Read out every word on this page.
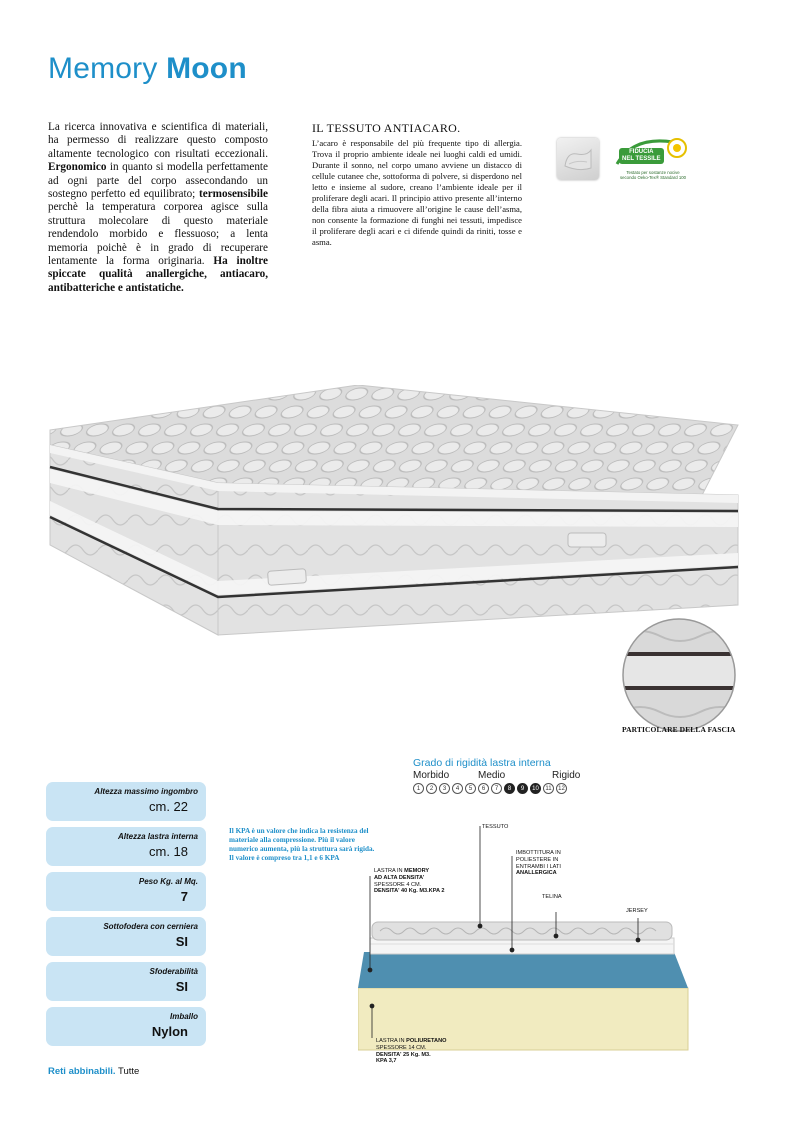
Memory Moon
La ricerca innovativa e scientifica di materiali, ha permesso di realizzare questo composto altamente tecnologico con risultati eccezionali. Ergonomico in quanto si modella perfettamente ad ogni parte del corpo assecondando un sostegno perfetto ed equilibrato; termosensibile perchè la temperatura corporea agisce sulla struttura molecolare di questo materiale rendendolo morbido e flessuoso; a lenta memoria poichè è in grado di recuperare lentamente la forma originaria. Ha inoltre spiccate qualità anallergiche, antiacaro, antibatteriche e antistatiche.
IL TESSUTO ANTIACARO.
L’acaro è responsabile del più frequente tipo di allergia. Trova il proprio ambiente ideale nei luoghi caldi ed umidi. Durante il sonno, nel corpo umano avviene un distacco di cellule cutanee che, sottoforma di polvere, si disperdono nel letto e insieme al sudore, creano l’ambiente ideale per il proliferare degli acari. Il principio attivo presente all’interno della fibra aiuta a rimuovere all’origine le cause dell’asma, non consente la formazione di funghi nei tessuti, impedisce il proliferare degli acari e ci difende quindi da riniti, tosse e asma.
FIDUCIA
NEL TESSILE
Testato per sostanze nocive
secondo Oeko-Tex® Standard 100
PARTICOLARE DELLA FASCIA
Grado di rigidità lastra interna
Morbido	Medio	Rigido
1	2	3	4	5	6	7	8	9	10	11	12
Altezza massimo ingombro
cm. 22
Altezza lastra interna
cm. 18
Peso Kg. al Mq.
7
Sottofodera con cerniera
SI
Sfoderabilità
SI
Imballo
Nylon
Reti abbinabili. Tutte
Il KPA è un valore che indica la resistenza del materiale alla compressione. Più il valore numerico aumenta, più la struttura sarà rigida. Il valore è compreso tra 1,1 e 6 KPA
TESSUTO
LASTRA IN MEMORY
AD ALTA DENSITA'
SPESSORE 4 CM.
DENSITA' 40 Kg. M3.KPA 2
IMBOTTITURA IN
POLIESTERE IN
ENTRAMBI I LATI
ANALLERGICA
TELINA
JERSEY
LASTRA IN POLIURETANO
SPESSORE 14 CM.
DENSITA' 25 Kg. M3.
KPA 3,7
